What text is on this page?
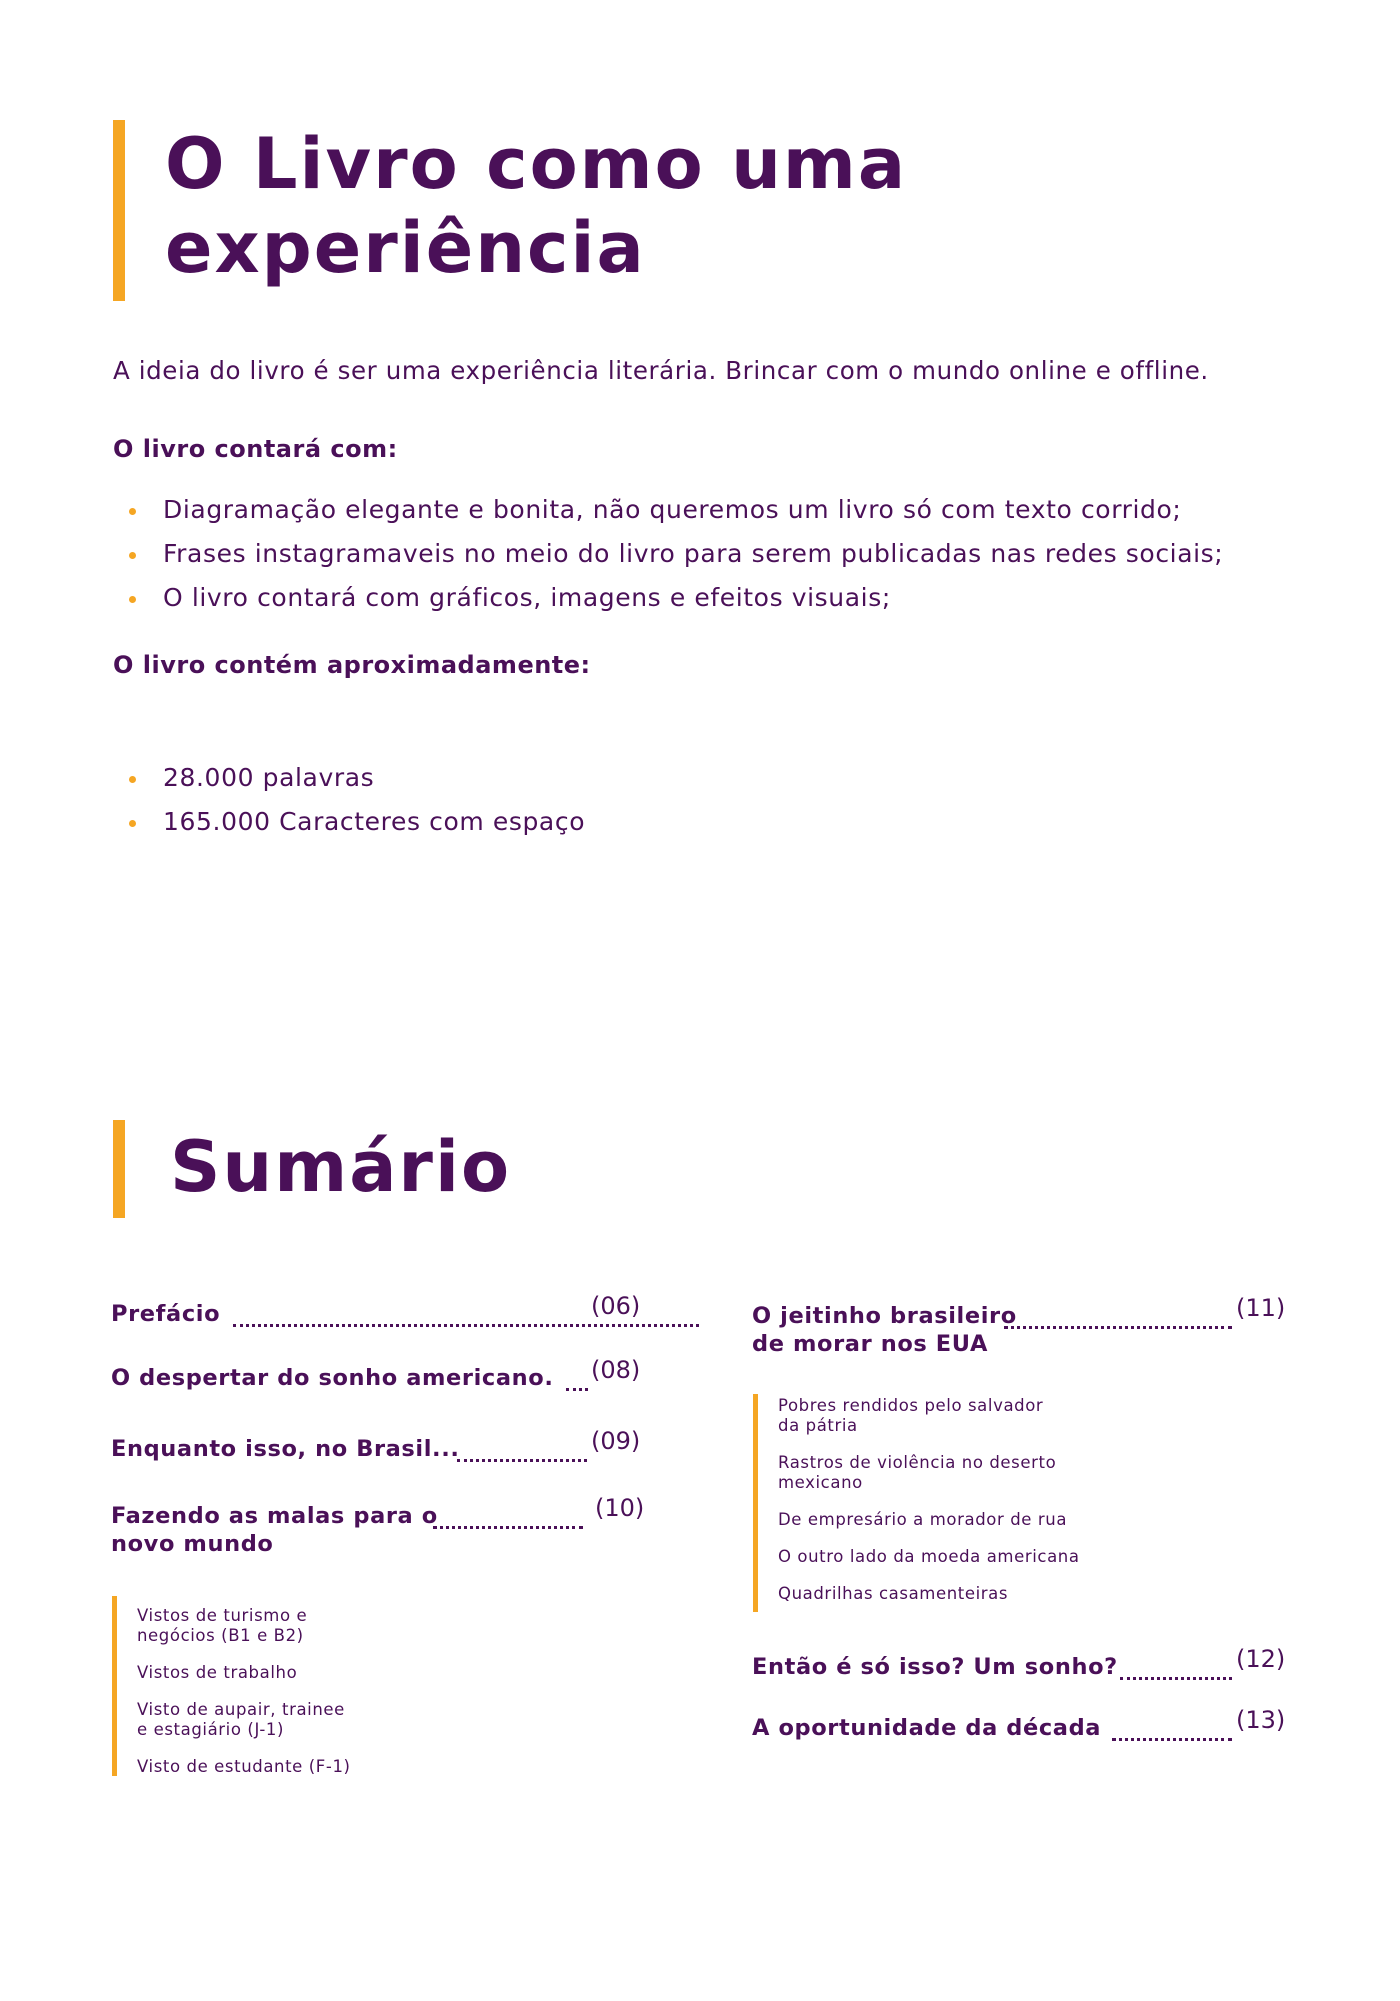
O Livro como uma
experiência

A ideia do livro é ser uma experiência literária. Brincar com o mundo online e offline.

O livro contará com:

Diagramação elegante e bonita, não queremos um livro só com texto corrido;
Frases instagramaveis no meio do livro para serem publicadas nas redes sociais;
O livro contará com gráficos, imagens e efeitos visuais;

O livro contém aproximadamente:

28.000 palavras
165.000 Caracteres com espaço
Sumário
Prefácio	(06)
O despertar do sonho americano. (08)
Enquanto isso, no Brasil...	(09)
Fazendo as malas para o
novo mundo
(10)
Vistos de turismo e
negócios (B1 e B2)
Vistos de trabalho
Visto de aupair, trainee
e estagiário (J-1)
Visto de estudante (F-1)
O jeitinho brasileiro
de morar nos EUA
(11)
Pobres rendidos pelo salvador
da pátria
Rastros de violência no deserto
mexicano
De empresário a morador de rua
O outro lado da moeda americana
Quadrilhas casamenteiras
Então é só isso? Um sonho?	(12)
A oportunidade da década	(13)
